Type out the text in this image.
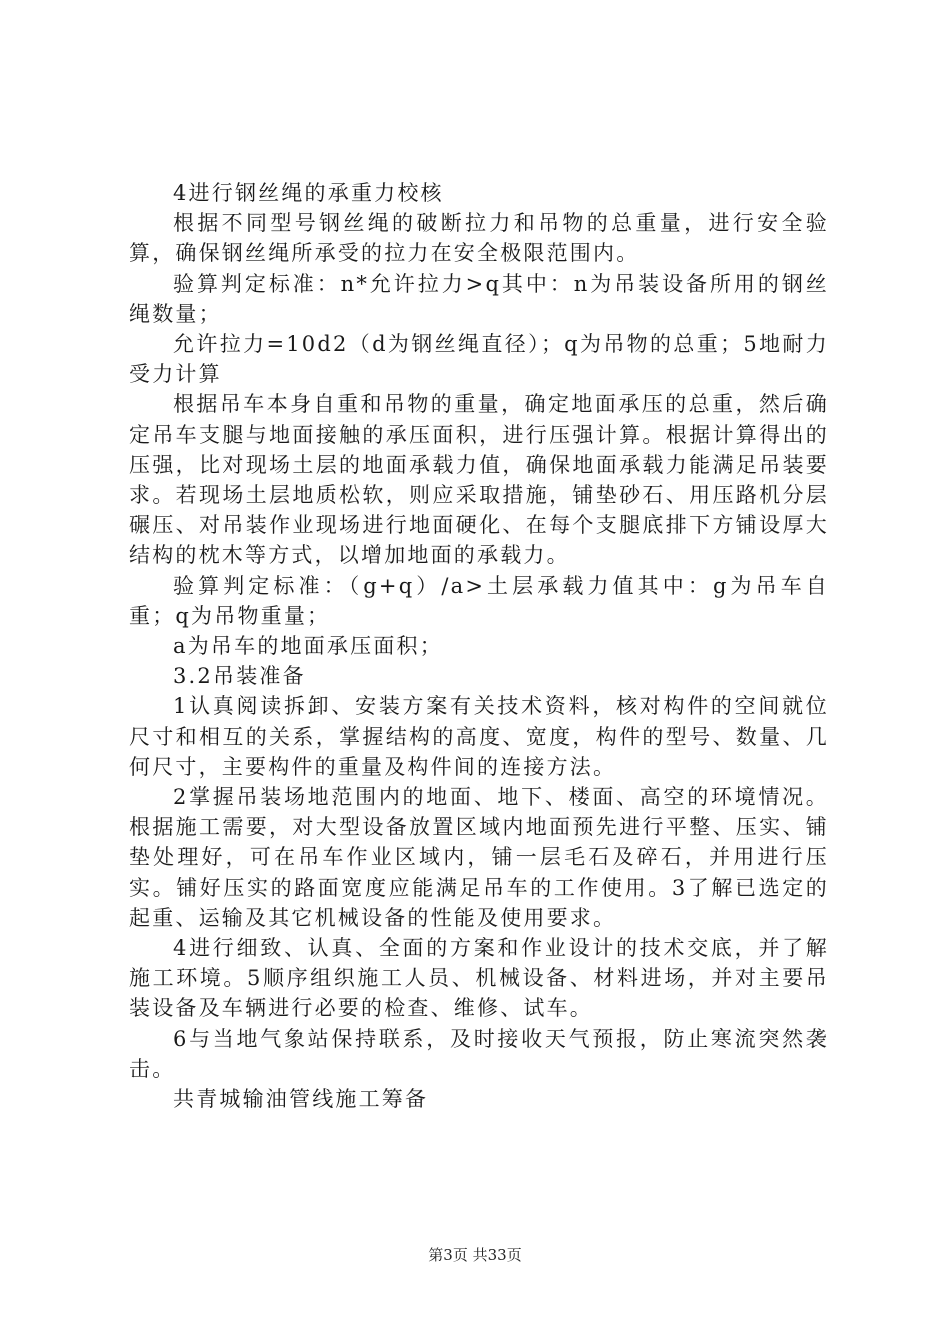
4进行钢丝绳的承重力校核

根据不同型号钢丝绳的破断拉力和吊物的总重量，进行安全验算，确保钢丝绳所承受的拉力在安全极限范围内。

验算判定标准：n*允许拉力>q其中：n为吊装设备所用的钢丝绳数量；

允许拉力=10d2（d为钢丝绳直径）；q为吊物的总重；5地耐力受力计算

根据吊车本身自重和吊物的重量，确定地面承压的总重，然后确定吊车支腿与地面接触的承压面积，进行压强计算。根据计算得出的压强，比对现场土层的地面承载力值，确保地面承载力能满足吊装要求。若现场土层地质松软，则应采取措施，铺垫砂石、用压路机分层碾压、对吊装作业现场进行地面硬化、在每个支腿底排下方铺设厚大结构的枕木等方式，以增加地面的承载力。

验算判定标准：（g+q）/a>土层承载力值其中：g为吊车自重；q为吊物重量；

a为吊车的地面承压面积；

3.2吊装准备

1认真阅读拆卸、安装方案有关技术资料，核对构件的空间就位尺寸和相互的关系，掌握结构的高度、宽度，构件的型号、数量、几何尺寸，主要构件的重量及构件间的连接方法。

2掌握吊装场地范围内的地面、地下、楼面、高空的环境情况。根据施工需要，对大型设备放置区域内地面预先进行平整、压实、铺垫处理好，可在吊车作业区域内，铺一层毛石及碎石，并用进行压实。铺好压实的路面宽度应能满足吊车的工作使用。3了解已选定的起重、运输及其它机械设备的性能及使用要求。

4进行细致、认真、全面的方案和作业设计的技术交底，并了解施工环境。5顺序组织施工人员、机械设备、材料进场，并对主要吊装设备及车辆进行必要的检查、维修、试车。

6与当地气象站保持联系，及时接收天气预报，防止寒流突然袭击。

共青城输油管线施工筹备

第3页 共33页
